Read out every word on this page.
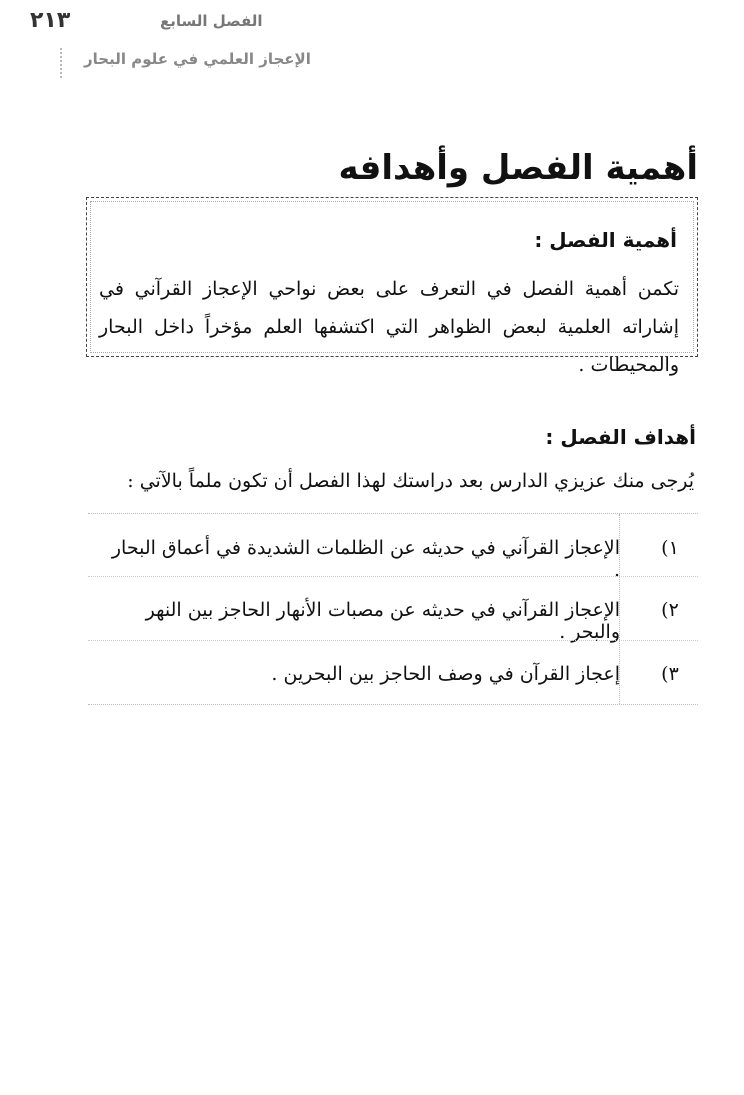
٢١٣	الفصل السابع
الإعجاز العلمي في علوم البحار
أهمية الفصل وأهدافه
أهمية الفصل :
تكمن أهمية الفصل في التعرف على بعض نواحي الإعجاز القرآني في إشاراته العلمية لبعض الظواهر التي اكتشفها العلم مؤخراً داخل البحار والمحيطات .
أهداف الفصل :
يُرجى منك عزيزي الدارس بعد دراستك لهذا الفصل أن تكون ملماً بالآتي :
١)
الإعجاز القرآني في حديثه عن الظلمات الشديدة في أعماق البحار .
٢)
الإعجاز القرآني في حديثه عن مصبات الأنهار الحاجز بين النهر والبحر .
٣)
إعجاز القرآن في وصف الحاجز بين البحرين .
